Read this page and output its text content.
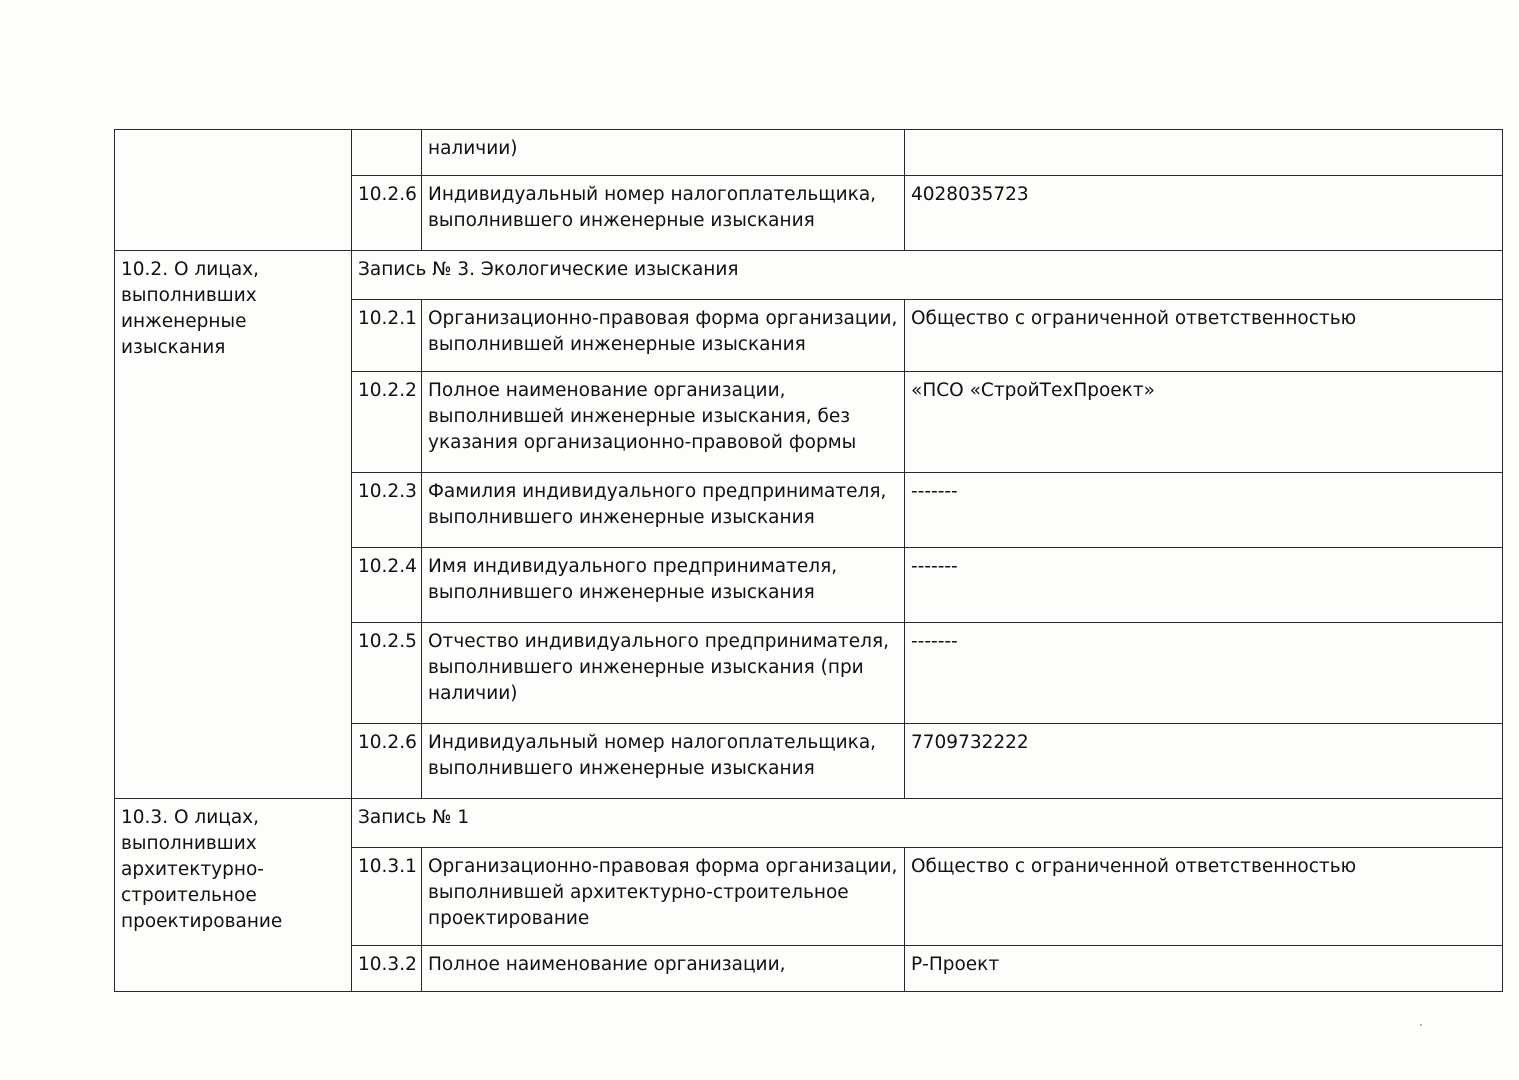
		наличии)	
	10.2.6	Индивидуальный номер налогоплательщика, выполнившего инженерные изыскания	4028035723
10.2. О лицах, выполнивших инженерные изыскания	Запись № 3. Экологические изыскания		
	10.2.1	Организационно-правовая форма организации, выполнившей инженерные изыскания	Общество с ограниченной ответственностью
	10.2.2	Полное наименование организации, выполнившей инженерные изыскания, без указания организационно-правовой формы	«ПСО «СтройТехПроект»
	10.2.3	Фамилия индивидуального предпринимателя, выполнившего инженерные изыскания	-------
	10.2.4	Имя индивидуального предпринимателя, выполнившего инженерные изыскания	-------
	10.2.5	Отчество индивидуального предпринимателя, выполнившего инженерные изыскания (при наличии)	-------
	10.2.6	Индивидуальный номер налогоплательщика, выполнившего инженерные изыскания	7709732222
10.3. О лицах, выполнивших архитектурно-строительное проектирование	Запись № 1		
	10.3.1	Организационно-правовая форма организации, выполнившей архитектурно-строительное проектирование	Общество с ограниченной ответственностью
	10.3.2	Полное наименование организации,	Р-Проект
